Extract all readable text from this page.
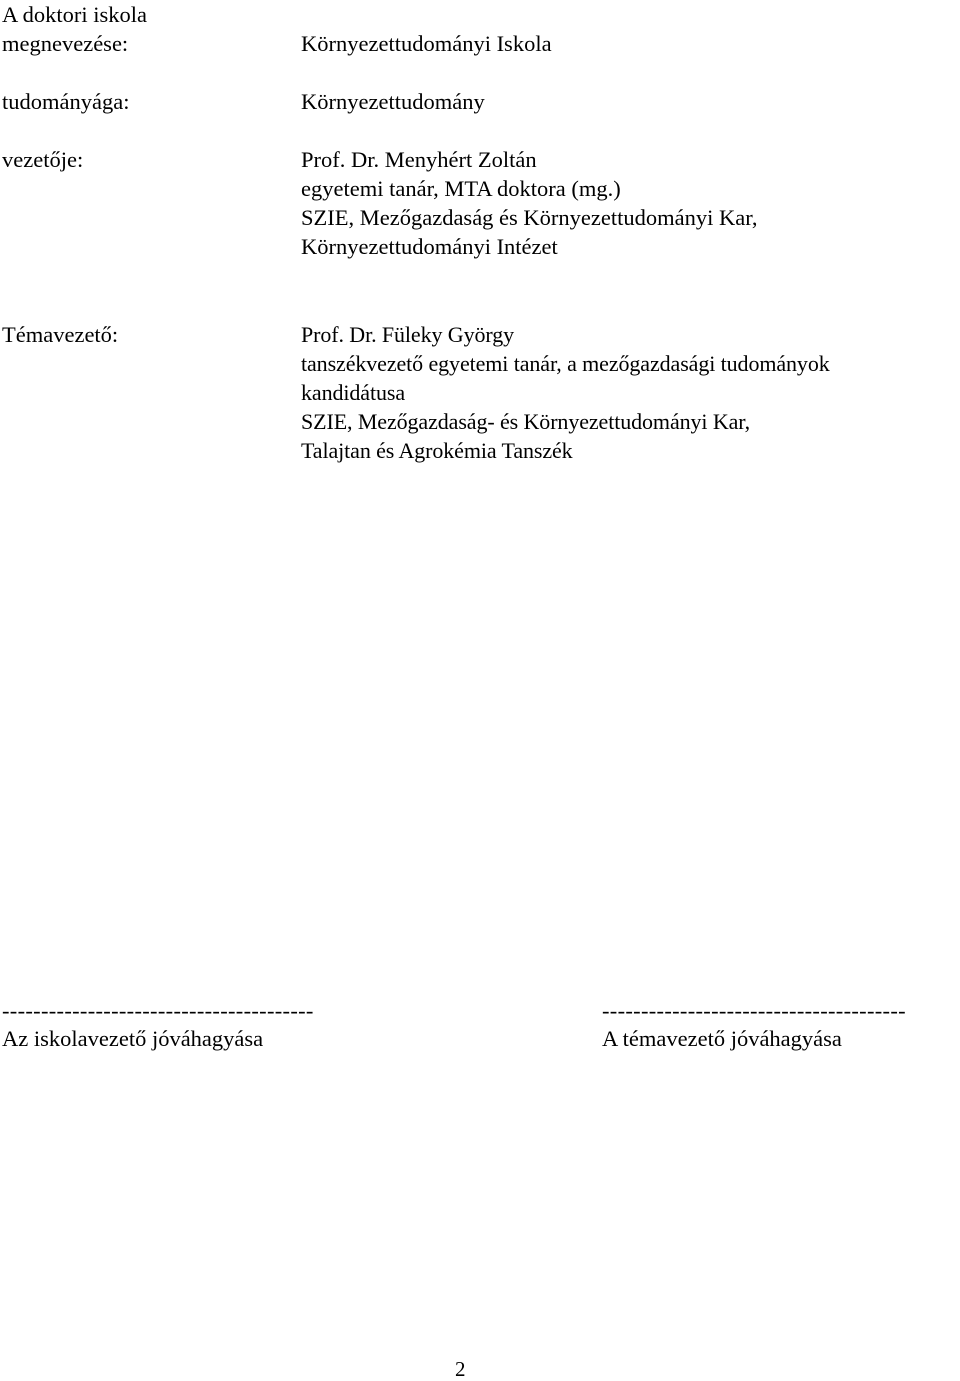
A doktori iskola
megnevezése:	Környezettudományi Iskola
tudományága:	Környezettudomány
vezetője:	Prof. Dr. Menyhért Zoltán
egyetemi tanár, MTA doktora (mg.)
SZIE, Mezőgazdaság és Környezettudományi Kar,
Környezettudományi Intézet
Témavezető:	Prof. Dr. Füleky György
tanszékvezető egyetemi tanár, a mezőgazdasági tudományok
kandidátusa
SZIE, Mezőgazdaság- és Környezettudományi Kar,
Talajtan és Agrokémia Tanszék
----------------------------------------
Az iskolavezető jóváhagyása
---------------------------------------
A témavezető jóváhagyása
2
